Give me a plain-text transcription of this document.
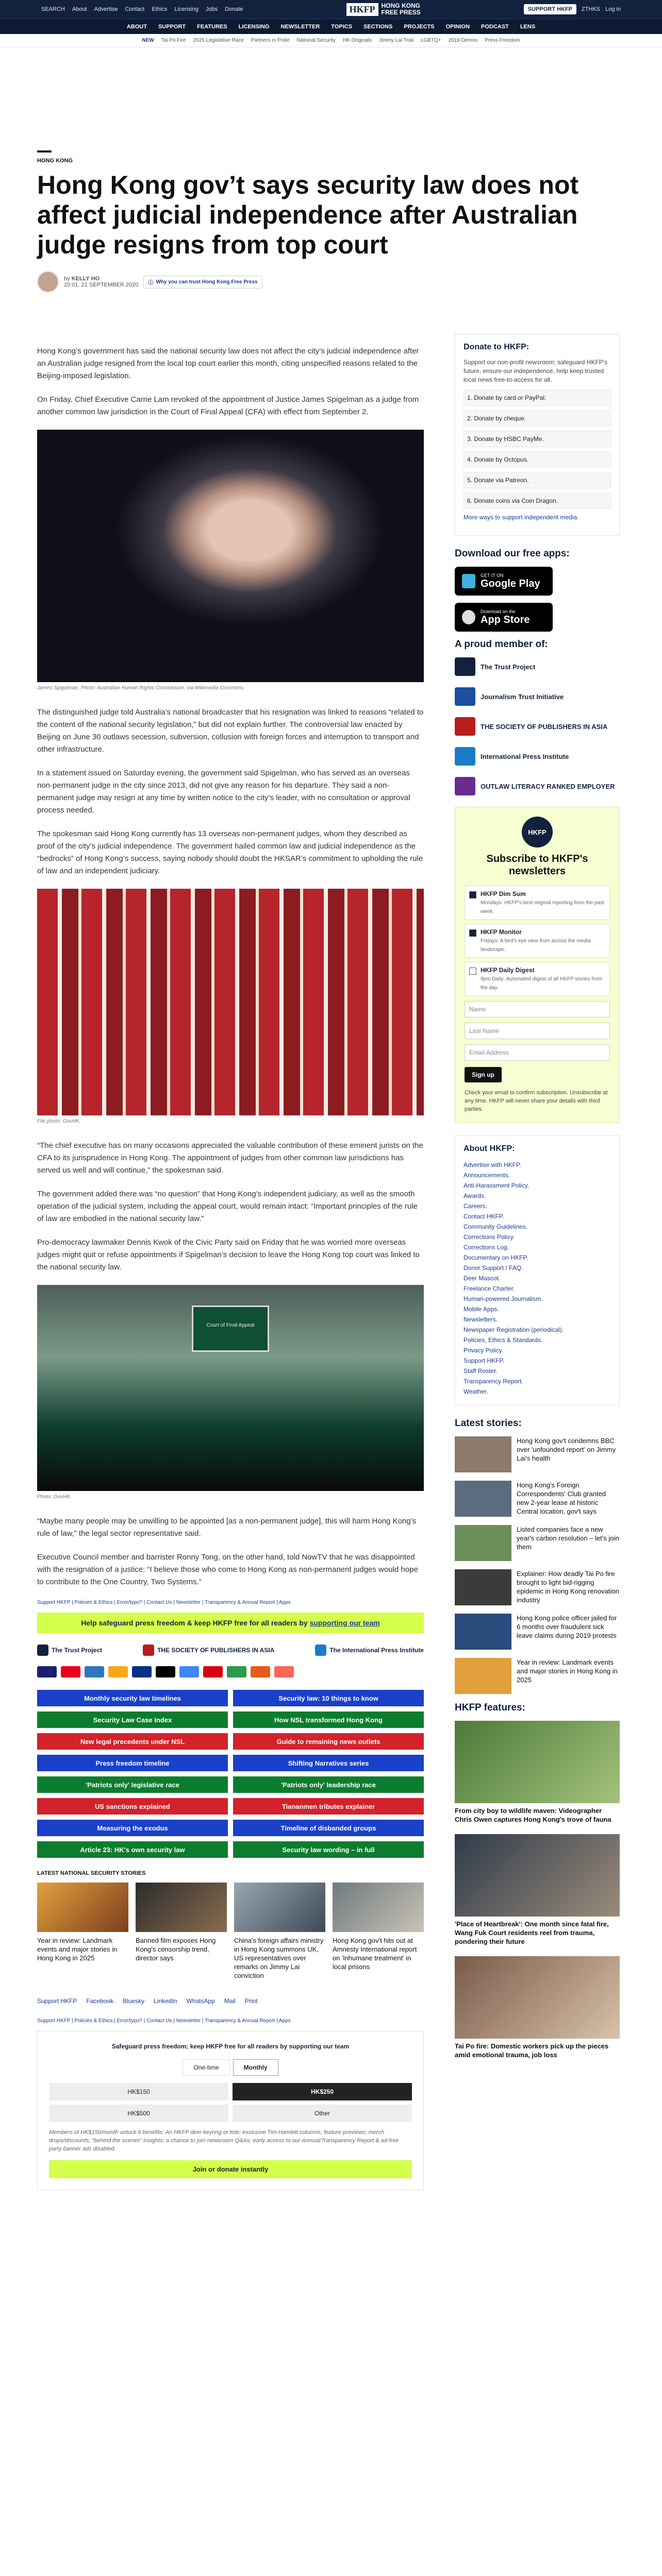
SEARCH About Advertise Contact Ethics Licensing Jobs Donate	HKFP	HONG KONG
FREE PRESS	SUPPORT HKFP	ZTHKS Log in
ABOUT SUPPORT FEATURES LICENSING NEWSLETTER TOPICS SECTIONS PROJECTS OPINION PODCAST LENS
NEW Tai Po Fire 2025 Legislative Race Partners in Pride National Security HK Originals Jimmy Lai Trial LGBTQ+ 2019 Demos Press Freedom
HONG KONG
Hong Kong gov’t says security law does not affect judicial independence after Australian judge resigns from top court
by KELLY HO
20:01, 21 SEPTEMBER 2020 ⓘ Why you can trust Hong Kong Free Press

Hong Kong’s government has said the national security law does not affect the city’s judicial independence after an Australian judge resigned from the local top court earlier this month, citing unspecified reasons related to the Beijing-imposed legislation.

On Friday, Chief Executive Carrie Lam revoked of the appointment of Justice James Spigelman as a judge from another common law jurisdiction in the Court of Final Appeal (CFA) with effect from September 2.

James Spigelman. Photo: Australian Human Rights Commission, via Wikimedia Commons.

The distinguished judge told Australia’s national broadcaster that his resignation was linked to reasons “related to the content of the national security legislation,” but did not explain further. The controversial law enacted by Beijing on June 30 outlaws secession, subversion, collusion with foreign forces and interruption to transport and other infrastructure.

In a statement issued on Saturday evening, the government said Spigelman, who has served as an overseas non-permanent judge in the city since 2013, did not give any reason for his departure. They said a non-permanent judge may resign at any time by written notice to the city’s leader, with no consultation or approval process needed.

The spokesman said Hong Kong currently has 13 overseas non-permanent judges, whom they described as proof of the city’s judicial independence. The government hailed common law and judicial independence as the “bedrocks” of Hong Kong’s success, saying nobody should doubt the HKSAR’s commitment to upholding the rule of law and an independent judiciary.

File photo: GovHK.

“The chief executive has on many occasions appreciated the valuable contribution of these eminent jurists on the CFA to its jurisprudence in Hong Kong. The appointment of judges from other common law jurisdictions has served us well and will continue,” the spokesman said.

The government added there was “no question” that Hong Kong’s independent judiciary, as well as the smooth operation of the judicial system, including the appeal court, would remain intact: “Important principles of the rule of law are embodied in the national security law.”

Pro-democracy lawmaker Dennis Kwok of the Civic Party said on Friday that he was worried more overseas judges might quit or refuse appointments if Spigelman’s decision to leave the Hong Kong top court was linked to the national security law.

Court of Final Appeal
Photo: GovHK.

“Maybe many people may be unwilling to be appointed [as a non-permanent judge], this will harm Hong Kong’s rule of law,” the legal sector representative said.

Executive Council member and barrister Ronny Tong, on the other hand, told NowTV that he was disappointed with the resignation of a justice: “I believe those who come to Hong Kong as non-permanent judges would hope to contribute to the One Country, Two Systems.”

Support HKFP | Policies & Ethics | Error/typo? | Contact Us | Newsletter | Transparency & Annual Report | Apps
Help safeguard press freedom & keep HKFP free for all readers by supporting our team
The Trust Project	THE SOCIETY OF PUBLISHERS IN ASIA	The International Press Institute
Monthly security law timelines	Security law: 10 things to know
Security Law Case Index	How NSL transformed Hong Kong
New legal precedents under NSL	Guide to remaining news outlets
Press freedom timeline	Shifting Narratives series
'Patriots only' legislative race	'Patriots only' leadership race
US sanctions explained	Tiananmen tributes explainer
Measuring the exodus	Timeline of disbanded groups
Article 23: HK's own security law	Security law wording – in full
LATEST NATIONAL SECURITY STORIES
Year in review: Landmark events and major stories in Hong Kong in 2025
Banned film exposes Hong Kong's censorship trend, director says
China's foreign affairs ministry in Hong Kong summons UK, US representatives over remarks on Jimmy Lai conviction
Hong Kong gov't hits out at Amnesty International report on 'inhumane treatment' in local prisons
Support HKFP Facebook Bluesky LinkedIn WhatsApp Mail Print
Support HKFP | Policies & Ethics | Error/typo? | Contact Us | Newsletter | Transparency & Annual Report | Apps
Safeguard press freedom; keep HKFP free for all readers by supporting our team
One-time	Monthly
HK$150	HK$250
HK$500	Other
Members of HK$150/month unlock 6 benefits: An HKFP deer keyring or tote; exclusive Tim Hamlett columns; feature previews; merch drops/discounts; "behind the scenes" insights; a chance to join newsroom Q&As; early access to our Annual/Transparency Report & ad-free party banner ads disabled.
Join or donate instantly
Donate to HKFP:

Support our non-profit newsroom: safeguard HKFP's future, ensure our independence, help keep trusted local news free-to-access for all.

1. Donate by card or PayPal.
2. Donate by cheque.
3. Donate by HSBC PayMe.
4. Donate by Octopus.
5. Donate via Patreon.
6. Donate coins via Coin Dragon.

More ways to support independent media.

Download our free apps:
GET IT ON
Google Play
Download on the
App Store
A proud member of:
The Trust Project
Journalism Trust Initiative
THE SOCIETY OF PUBLISHERS IN ASIA
International Press Institute
OUTLAW LITERACY RANKED EMPLOYER
HKFP
Subscribe to HKFP's newsletters
HKFP Dim Sum
Mondays: HKFP's best original reporting from the past week.
HKFP Monitor
Fridays: A bird's eye view from across the media landscape.
HKFP Daily Digest
9pm Daily: Automated digest of all HKFP stories from the day.
Name
Last Name
Email Address
Sign up

Check your email to confirm subscription. Unsubscribe at any time. HKFP will never share your details with third parties.

About HKFP:
Advertise with HKFP.
Announcements.
Anti-Harassment Policy.
Awards.
Careers.
Contact HKFP.
Community Guidelines.
Corrections Policy.
Corrections Log.
Documentary on HKFP.
Donor Support / FAQ.
Deer Mascot.
Freelance Charter.
Human-powered Journalism.
Mobile Apps.
Newsletters.
Newspaper Registration (periodical).
Policies, Ethics & Standards.
Privacy Policy.
Support HKFP.
Staff Roster.
Transparency Report.
Weather.
Latest stories:
Hong Kong gov't condemns BBC over 'unfounded report' on Jimmy Lai's health
Hong Kong's Foreign Correspondents' Club granted new 2-year lease at historic Central location, gov't says
Listed companies face a new year's carbon resolution – let's join them
Explainer: How deadly Tai Po fire brought to light bid-rigging epidemic in Hong Kong renovation industry
Hong Kong police officer jailed for 6 months over fraudulent sick leave claims during 2019 protests
Year in review: Landmark events and major stories in Hong Kong in 2025
HKFP features:
From city boy to wildlife maven: Videographer Chris Owen captures Hong Kong's trove of fauna
'Place of Heartbreak': One month since fatal fire, Wang Fuk Court residents reel from trauma, pondering their future
Tai Po fire: Domestic workers pick up the pieces amid emotional trauma, job loss
